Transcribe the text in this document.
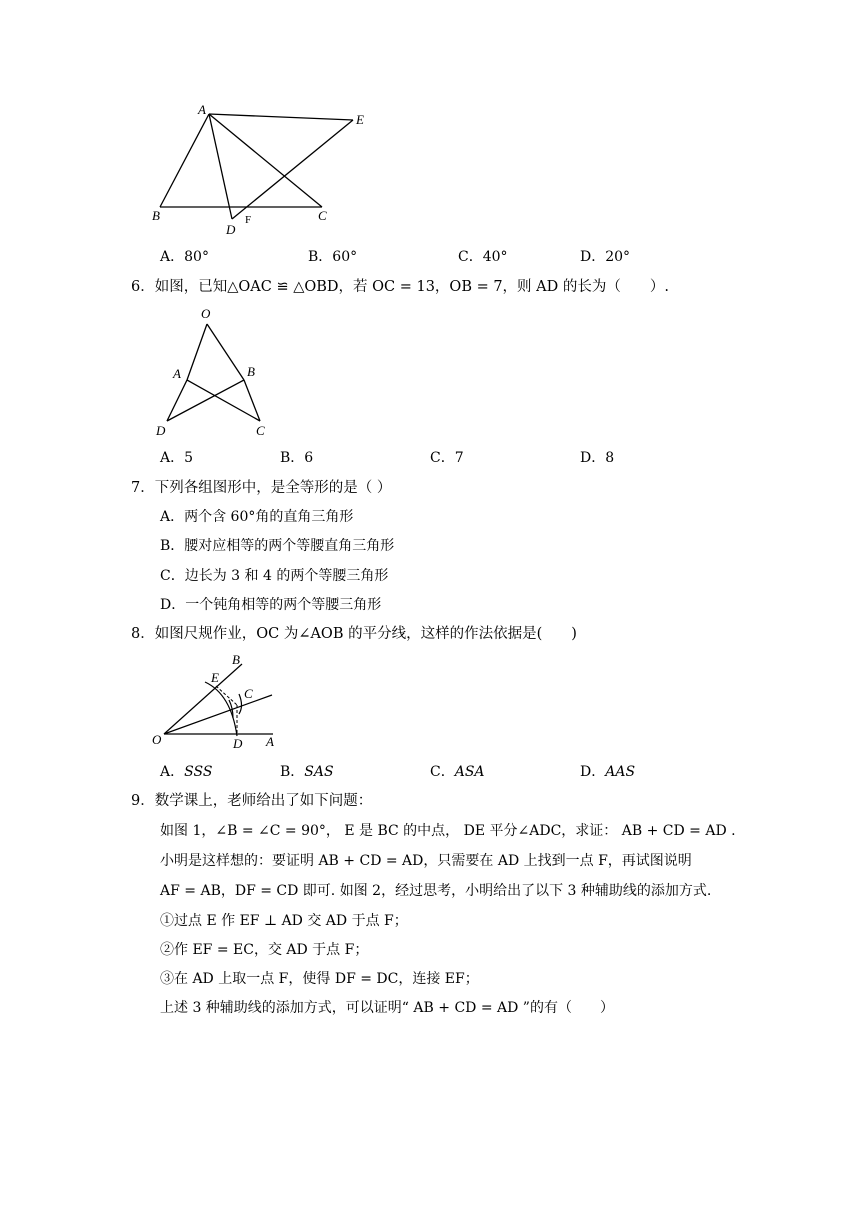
A
E
B	C
D
F
A．80°	B．60°	C．40°	D．20°
6．如图，已知△OAC ≌ △OBD，若 OC = 13，OB = 7，则 AD 的长为（　　）.
O
A	B
D	C
A．5	B．6	C．7	D．8
7．下列各组图形中，是全等形的是（ ）
A．两个含 60°角的直角三角形
B．腰对应相等的两个等腰直角三角形
C．边长为 3 和 4 的两个等腰三角形
D．一个钝角相等的两个等腰三角形
8．如图尺规作业，OC 为∠AOB 的平分线，这样的作法依据是(　　)
B
E
C
O	D A
A．SSS	B．SAS	C．ASA	D．AAS
9．数学课上，老师给出了如下问题：
如图 1，∠B = ∠C = 90°， E 是 BC 的中点， DE 平分∠ADC，求证： AB + CD = AD .
小明是这样想的：要证明 AB + CD = AD，只需要在 AD 上找到一点 F，再试图说明
AF = AB，DF = CD 即可. 如图 2，经过思考，小明给出了以下 3 种辅助线的添加方式.
①过点 E 作 EF ⊥ AD 交 AD 于点 F；
②作 EF = EC，交 AD 于点 F；
③在 AD 上取一点 F，使得 DF = DC，连接 EF；
上述 3 种辅助线的添加方式，可以证明“ AB + CD = AD ”的有（　　）
